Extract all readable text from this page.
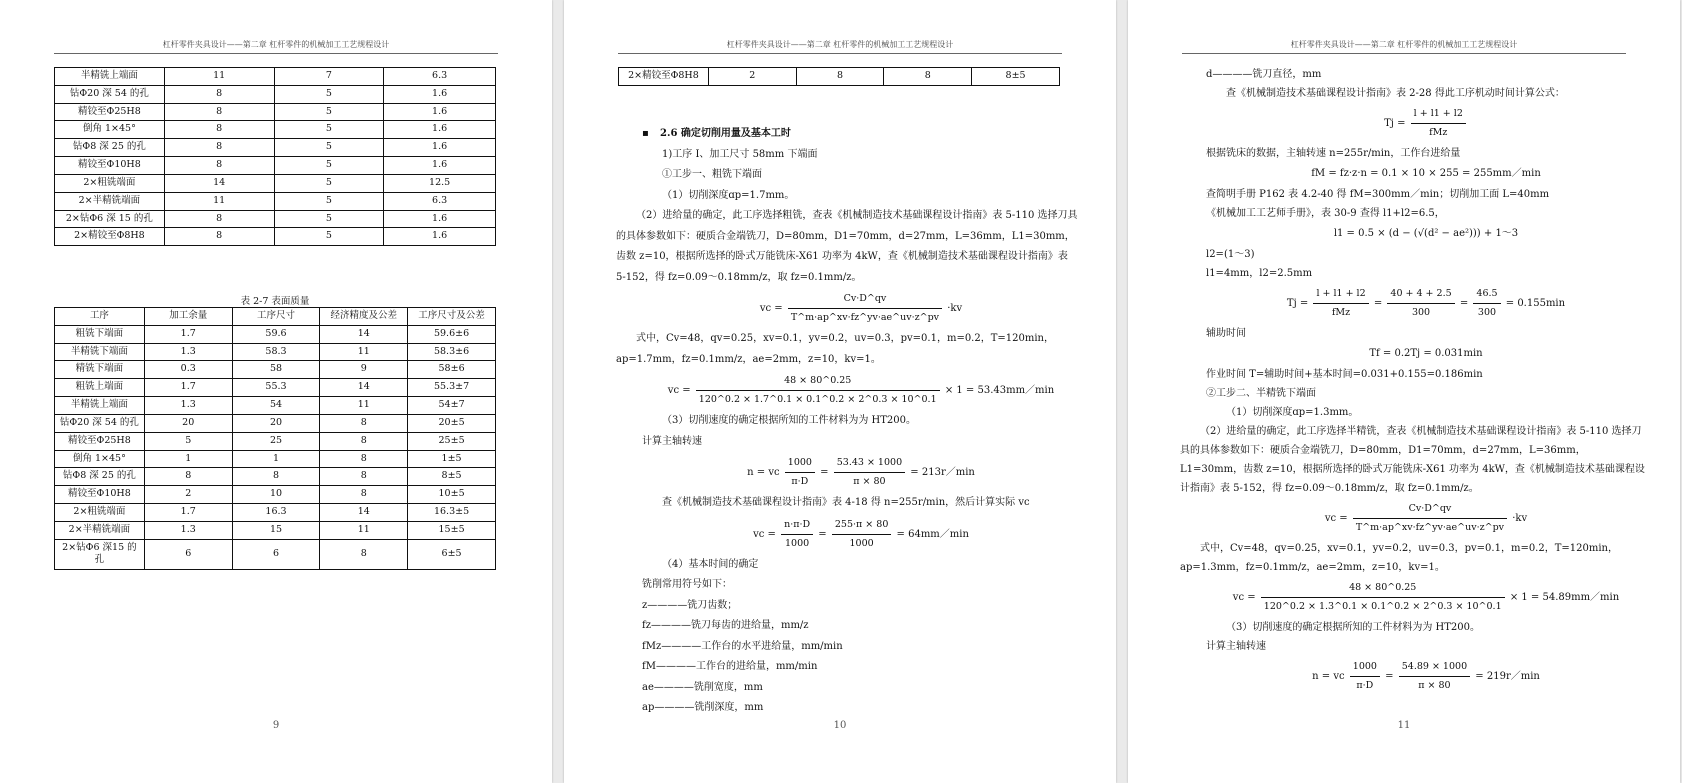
杠杆零件夹具设计——第二章 杠杆零件的机械加工工艺规程设计
半精铣上端面	11	7	6.3
钻Φ20 深 54 的孔	8	5	1.6
精铰至Φ25H8	8	5	1.6
倒角 1×45°	8	5	1.6
钻Φ8 深 25 的孔	8	5	1.6
精铰至Φ10H8	8	5	1.6
2×粗铣端面	14	5	12.5
2×半精铣端面	11	5	6.3
2×钻Φ6 深 15 的孔	8	5	1.6
2×精铰至Φ8H8	8	5	1.6
表 2-7 表面质量
工序	加工余量	工序尺寸	经济精度及公差	工序尺寸及公差
粗铣下端面	1.7	59.6	14	59.6±6
半精铣下端面	1.3	58.3	11	58.3±6
精铣下端面	0.3	58	9	58±6
粗铣上端面	1.7	55.3	14	55.3±7
半精铣上端面	1.3	54	11	54±7
钻Φ20 深 54 的孔	20	20	8	20±5
精铰至Φ25H8	5	25	8	25±5
倒角 1×45°	1	1	8	1±5
钻Φ8 深 25 的孔	8	8	8	8±5
精铰至Φ10H8	2	10	8	10±5
2×粗铣端面	1.7	16.3	14	16.3±5
2×半精铣端面	1.3	15	11	15±5
2×钻Φ6 深15 的孔	6	6	8	6±5
9
杠杆零件夹具设计——第二章 杠杆零件的机械加工工艺规程设计
2×精铰至Φ8H8	2	8	8	8±5

▪ 2.6 确定切削用量及基本工时

1)工序 I、加工尺寸 58mm 下端面

①工步一、粗铣下端面

（1）切削深度ɑp=1.7mm。

（2）进给量的确定，此工序选择粗铣，查表《机械制造技术基础课程设计指南》表 5-110 选择刀具的具体参数如下：硬质合金端铣刀，D=80mm，D1=70mm，d=27mm，L=36mm，L1=30mm，齿数 z=10，根据所选择的卧式万能铣床-X61 功率为 4kW，查《机械制造技术基础课程设计指南》表 5-152，得 fz=0.09～0.18mm/z，取 fz=0.1mm/z。

vc = $\frac{Cv\cdot D\^{}qv}{T\^{}m\cdot ap\^{}xv\cdot fz\^{}yv\cdot ae\^{}uv\cdot z\^{}pv} \cdot kv$

式中，Cv=48，qv=0.25，xv=0.1，yv=0.2，uv=0.3，pv=0.1，m=0.2，T=120min，ap=1.7mm，fz=0.1mm/z，ae=2mm，z=10，kv=1。

vc = $\frac{48 \times 80\^{}0.25}{120\^{}0.2 \times 1.7\^{}0.1 \times 0.1\^{}0.2 \times 2\^{}0.3 \times 10\^{}0.1} \times 1$ = 53.43mm／min

（3）切削速度的确定根据所知的工件材料为为 HT200。

计算主轴转速

n = vc $\frac{1000}{\pi\cdot D} = \frac{53.43 \times 1000}{\pi \times 80}$ = 213r／min

查《机械制造技术基础课程设计指南》表 4-18 得 n=255r/min，然后计算实际 vc

vc = $\frac{n\cdot\pi\cdot D}{1000} = \frac{255\cdot\pi \times 80}{1000}$ = 64mm／min

（4）基本时间的确定

铣削常用符号如下：

z————铣刀齿数；

fz————铣刀每齿的进给量，mm/z

fMz————工作台的水平进给量，mm/min

fM————工作台的进给量，mm/min

ae————铣削宽度，mm

ap————铣削深度，mm

10
杠杆零件夹具设计——第二章 杠杆零件的机械加工工艺规程设计

d————铣刀直径，mm

查《机械制造技术基础课程设计指南》表 2-28 得此工序机动时间计算公式：

$Tj = \frac{l + l1 + l2}{\text{fMz}}$

根据铣床的数据，主轴转速 n=255r/min，工作台进给量

fM = fz·z·n = 0.1 × 10 × 255 = 255mm／min

查简明手册 P162 表 4.2-40 得 fM=300mm／min；切削加工面 L=40mm

《机械加工工艺师手册》，表 30-9 查得 l1+l2=6.5，

l1 = 0.5 × (d − (√(d² − ae²))) + 1～3

l2=(1～3)

l1=4mm，l2=2.5mm

$Tj = \frac{l + l1 + l2}{\text{fMz}} = \frac{40 + 4 + 2.5}{300} = \frac{46.5}{300} = 0.155\min$

辅助时间

Tf = 0.2Tj = 0.031min

作业时间 T=辅助时间+基本时间=0.031+0.155=0.186min

②工步二、半精铣下端面

（1）切削深度ɑp=1.3mm。

（2）进给量的确定，此工序选择半精铣，查表《机械制造技术基础课程设计指南》表 5-110 选择刀具的具体参数如下：硬质合金端铣刀，D=80mm，D1=70mm，d=27mm，L=36mm，L1=30mm，齿数 z=10，根据所选择的卧式万能铣床-X61 功率为 4kW，查《机械制造技术基础课程设计指南》表 5-152，得 fz=0.09～0.18mm/z，取 fz=0.1mm/z。

vc = $\frac{Cv\cdot D\^{}qv}{T\^{}m\cdot ap\^{}xv\cdot fz\^{}yv\cdot ae\^{}uv\cdot z\^{}pv} \cdot kv$

式中，Cv=48，qv=0.25，xv=0.1，yv=0.2，uv=0.3，pv=0.1，m=0.2，T=120min，ap=1.3mm，fz=0.1mm/z，ae=2mm，z=10，kv=1。

vc = $\frac{48 \times 80\^{}0.25}{120\^{}0.2 \times 1.3\^{}0.1 \times 0.1\^{}0.2 \times 2\^{}0.3 \times 10\^{}0.1} \times 1$ = 54.89mm／min

（3）切削速度的确定根据所知的工件材料为为 HT200。

计算主轴转速

n = vc $\frac{1000}{\pi\cdot D} = \frac{54.89 \times 1000}{\pi \times 80}$ = 219r／min
11
